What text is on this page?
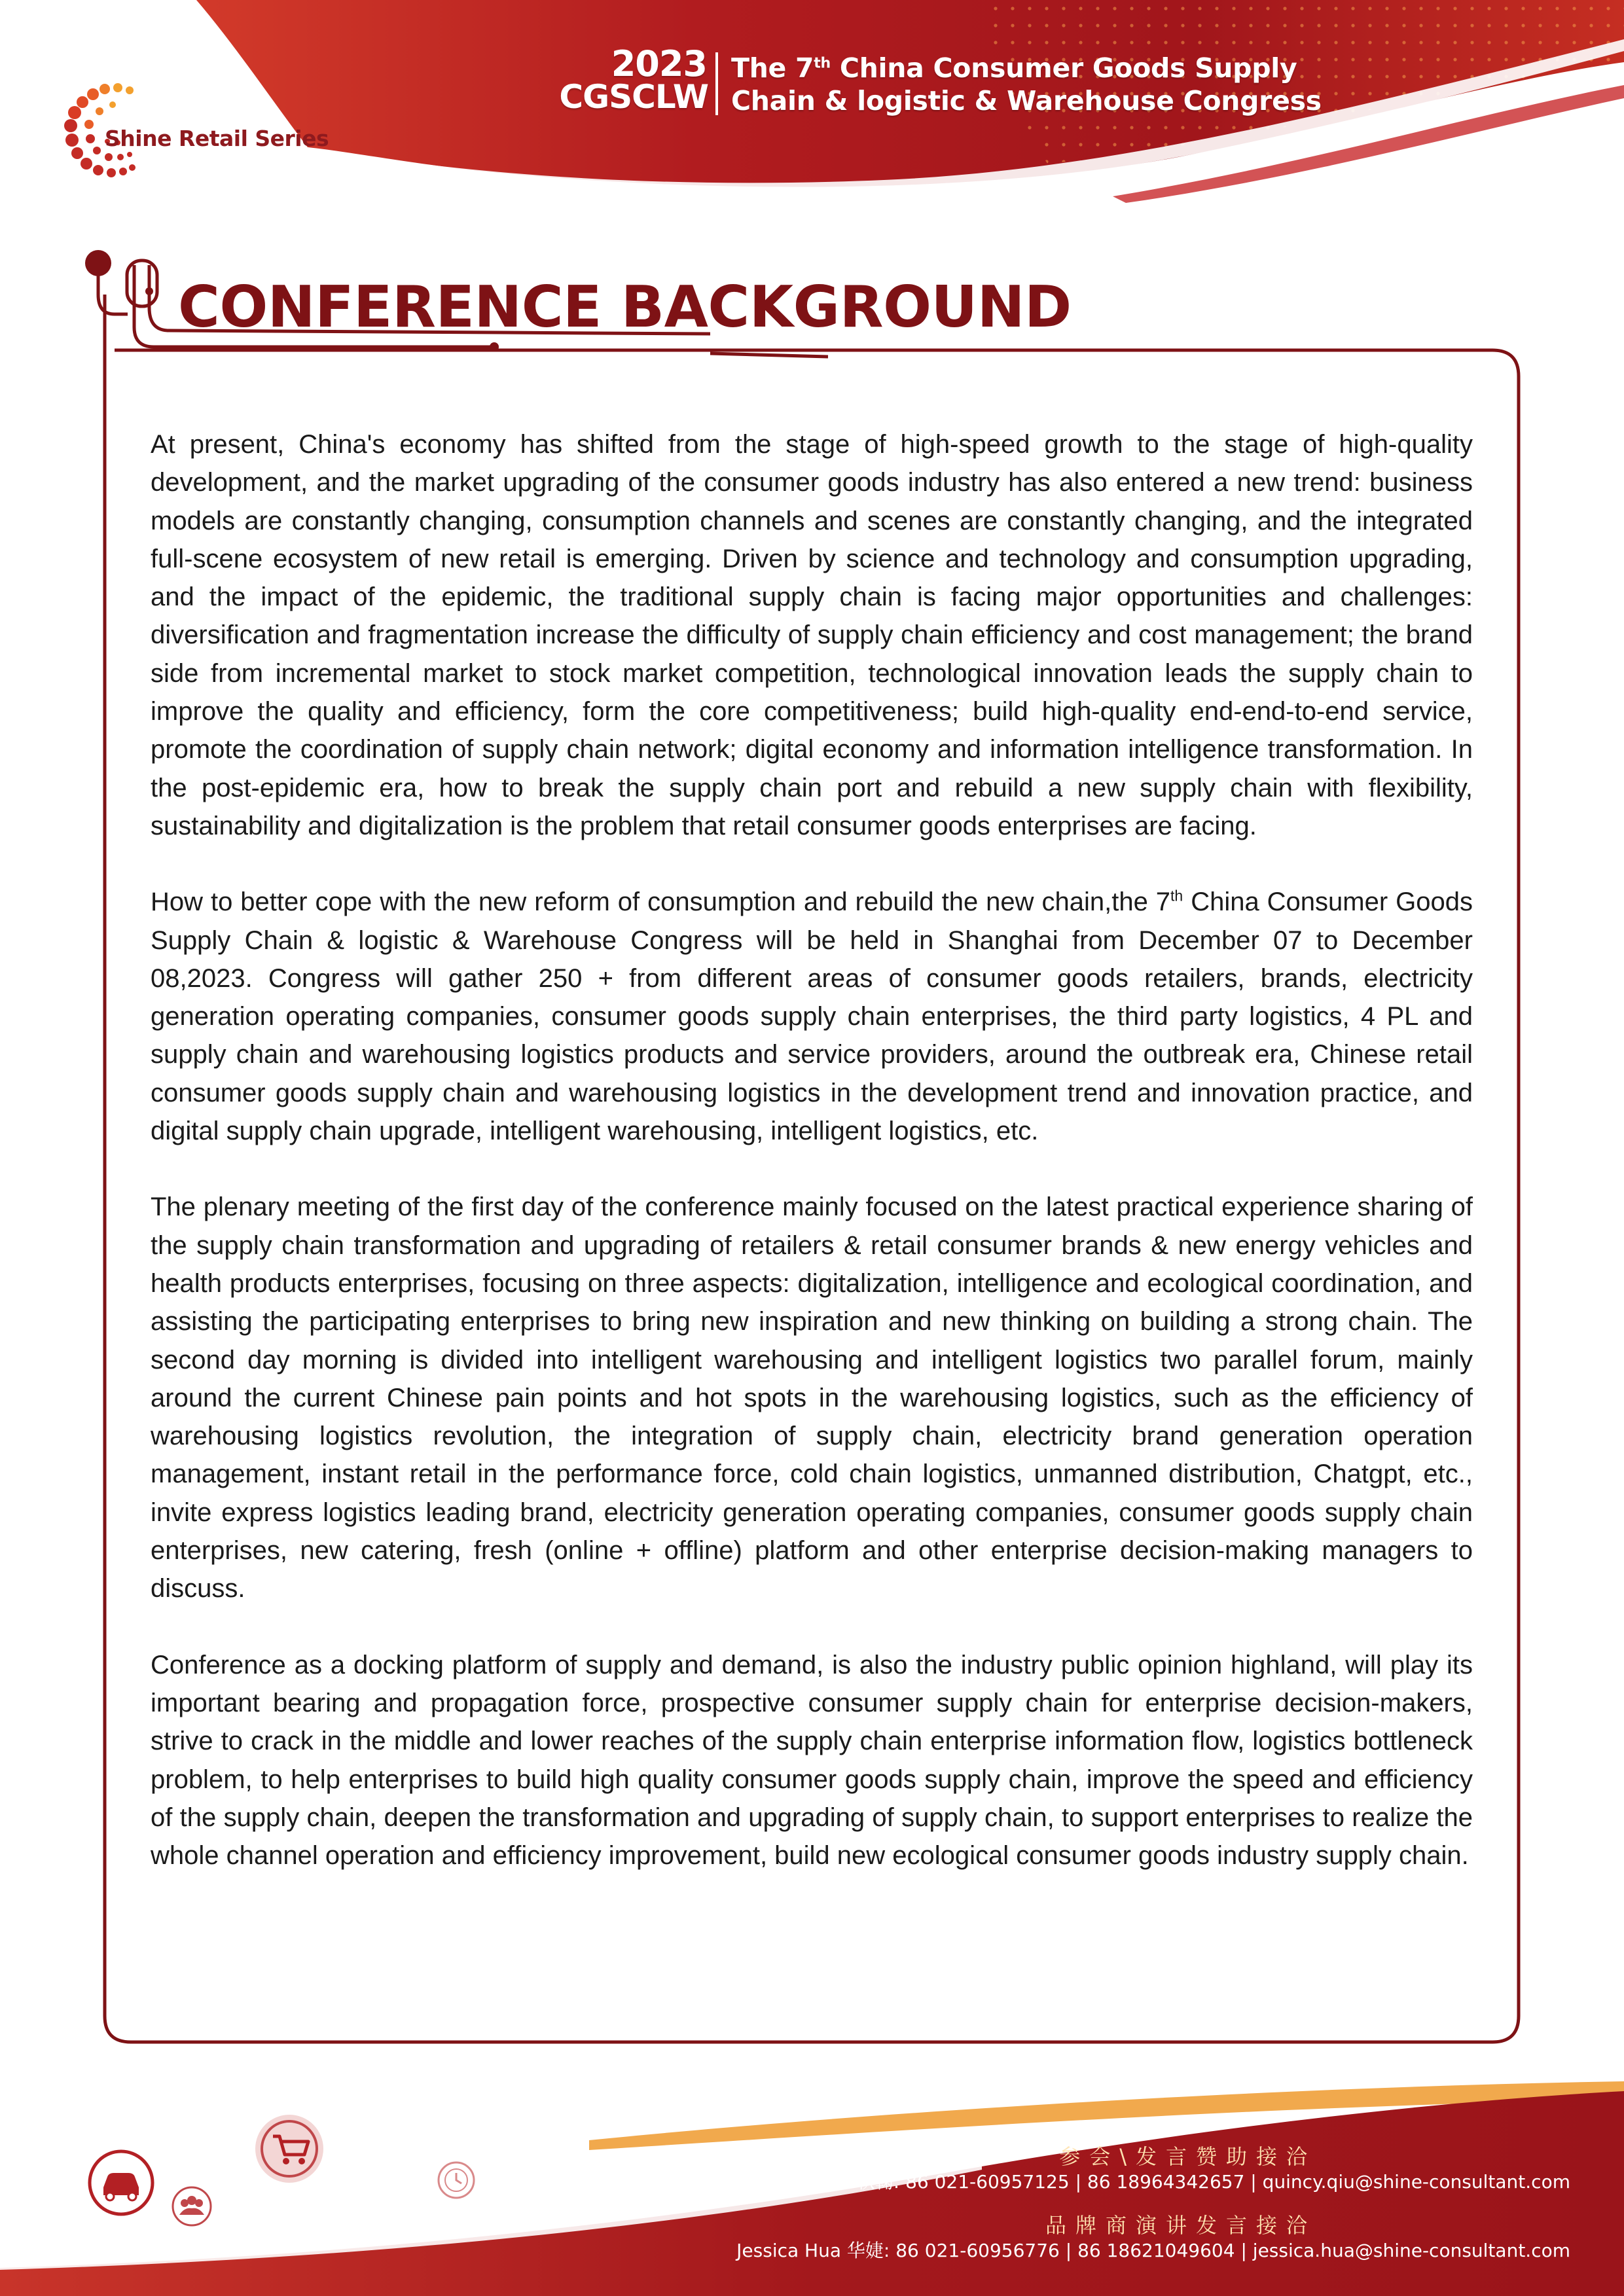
Shine Retail Series
2023
CGSCLW
The 7th China Consumer Goods Supply
Chain & logistic & Warehouse Congress
CONFERENCE BACKGROUND

At present, China's economy has shifted from the stage of high-speed growth to the stage of high-quality development, and the market upgrading of the consumer goods industry has also entered a new trend: business models are constantly changing, consumption channels and scenes are constantly changing, and the integrated full-scene ecosystem of new retail is emerging. Driven by science and technology and consumption upgrading, and the impact of the epidemic, the traditional supply chain is facing major opportunities and challenges: diversification and fragmentation increase the difficulty of supply chain efficiency and cost management; the brand side from incremental market to stock market competition, technological innovation leads the supply chain to improve the quality and efficiency, form the core competitiveness; build high-quality end-end-to-end service, promote the coordination of supply chain network; digital economy and information intelligence transformation. In the post-epidemic era, how to break the supply chain port and rebuild a new supply chain with flexibility, sustainability and digitalization is the problem that retail consumer goods enterprises are facing.

How to better cope with the new reform of consumption and rebuild the new chain,the 7th China Consumer Goods Supply Chain & logistic & Warehouse Congress will be held in Shanghai from December 07 to December 08,2023. Congress will gather 250 + from different areas of consumer goods retailers, brands, electricity generation operating companies, consumer goods supply chain enterprises, the third party logistics, 4 PL and supply chain and warehousing logistics products and service providers, around the outbreak era, Chinese retail consumer goods supply chain and warehousing logistics in the development trend and innovation practice, and digital supply chain upgrade, intelligent warehousing, intelligent logistics, etc.

The plenary meeting of the first day of the conference mainly focused on the latest practical experience sharing of the supply chain transformation and upgrading of retailers & retail consumer brands & new energy vehicles and health products enterprises, focusing on three aspects: digitalization, intelligence and ecological coordination, and assisting the participating enterprises to bring new inspiration and new thinking on building a strong chain. The second day morning is divided into intelligent warehousing and intelligent logistics two parallel forum, mainly around the current Chinese pain points and hot spots in the warehousing logistics, such as the efficiency of warehousing logistics revolution, the integration of supply chain, electricity brand generation operation management, instant retail in the performance force, cold chain logistics, unmanned distribution, Chatgpt, etc., invite express logistics leading brand, electricity generation operating companies, consumer goods supply chain enterprises, new catering, fresh (online + offline) platform and other enterprise decision-making managers to discuss.

Conference as a docking platform of supply and demand, is also the industry public opinion highland, will play its important bearing and propagation force, prospective consumer supply chain for enterprise decision-makers, strive to crack in the middle and lower reaches of the supply chain enterprise information flow, logistics bottleneck problem, to help enterprises to build high quality consumer goods supply chain, improve the speed and efficiency of the supply chain, deepen the transformation and upgrading of supply chain, to support enterprises to realize the whole channel operation and efficiency improvement, build new ecological consumer goods industry supply chain.

参会\发言赞助接洽
Quincy Qiu 秋鞠: 86 021-60957125 | 86 18964342657 | quincy.qiu@shine-consultant.com
品牌商演讲发言接洽
Jessica Hua 华婕: 86 021-60956776 | 86 18621049604 | jessica.hua@shine-consultant.com
